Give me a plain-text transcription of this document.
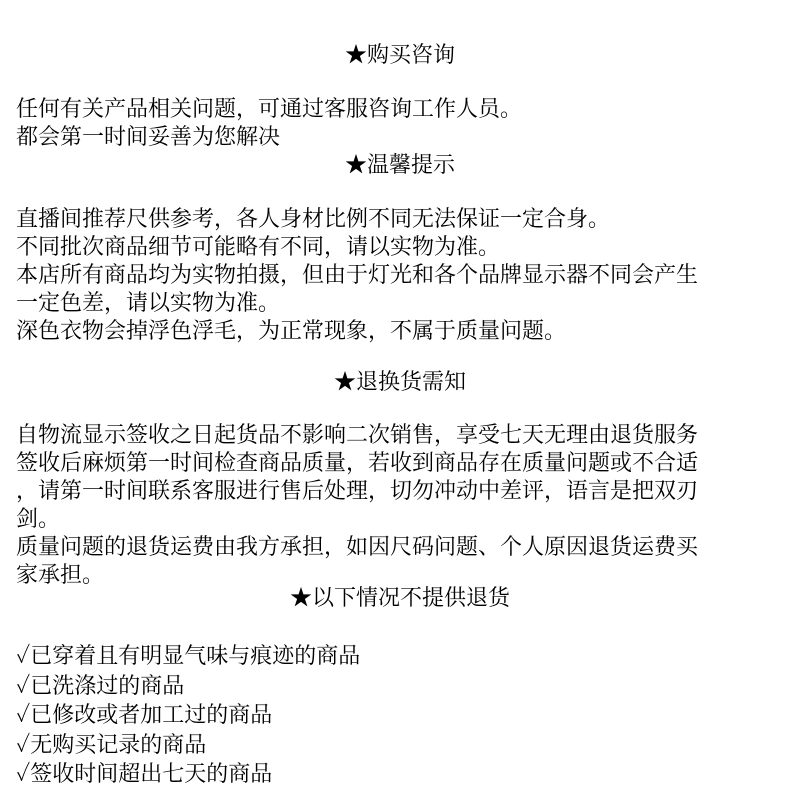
★购买咨询
任何有关产品相关问题，可通过客服咨询工作人员。
都会第一时间妥善为您解决
★温馨提示
直播间推荐尺供参考，各人身材比例不同无法保证一定合身。
不同批次商品细节可能略有不同，请以实物为准。
本店所有商品均为实物拍摄，但由于灯光和各个品牌显示器不同会产生
一定色差，请以实物为准。
深色衣物会掉浮色浮毛，为正常现象，不属于质量问题。
★退换货需知
自物流显示签收之日起货品不影响二次销售，享受七天无理由退货服务
签收后麻烦第一时间检查商品质量，若收到商品存在质量问题或不合适
，请第一时间联系客服进行售后处理，切勿冲动中差评，语言是把双刃
剑。
质量问题的退货运费由我方承担，如因尺码问题、个人原因退货运费买
家承担。
★以下情况不提供退货
✓已穿着且有明显气味与痕迹的商品
✓已洗涤过的商品
✓已修改或者加工过的商品
✓无购买记录的商品
✓签收时间超出七天的商品
